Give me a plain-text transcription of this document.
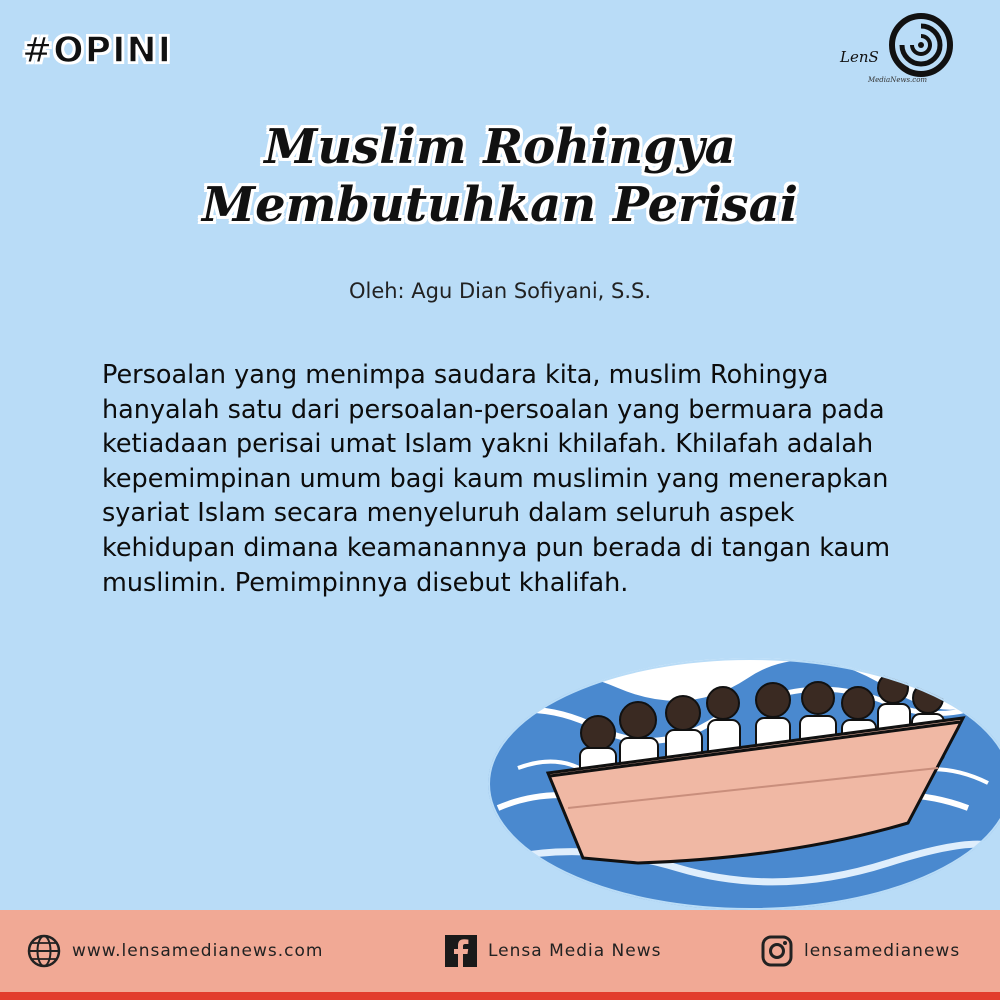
#OPINI	LenS
MediaNews.com
Muslim Rohingya
Membutuhkan Perisai
Oleh: Agu Dian Sofiyani, S.S.

Persoalan yang menimpa saudara kita, muslim Rohingya hanyalah satu dari persoalan-persoalan yang bermuara pada ketiadaan perisai umat Islam yakni khilafah. Khilafah adalah kepemimpinan umum bagi kaum muslimin yang menerapkan syariat Islam secara menyeluruh dalam seluruh aspek kehidupan dimana keamanannya pun berada di tangan kaum muslimin. Pemimpinnya disebut khalifah.

www.lensamedianews.com	Lensa Media News	lensamedianews
